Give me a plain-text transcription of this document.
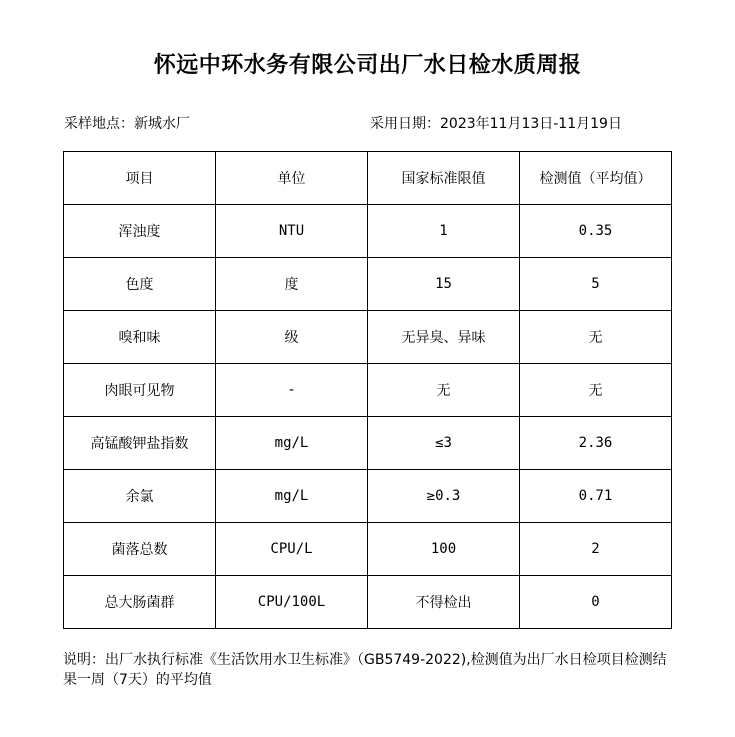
怀远中环水务有限公司出厂水日检水质周报
采样地点：新城水厂	采用日期：2023年11月13日-11月19日
项目	单位	国家标准限值	检测值（平均值）
浑浊度	NTU	1	0.35
色度	度	15	5
嗅和味	级	无异臭、异味	无
肉眼可见物	-	无	无
高锰酸钾盐指数	mg/L	≤3	2.36
余氯	mg/L	≥0.3	0.71
菌落总数	CPU/L	100	2
总大肠菌群	CPU/100L	不得检出	0

说明：出厂水执行标准《生活饮用水卫生标准》（GB5749-2022),检测值为出厂水日检项目检测结果一周（7天）的平均值
